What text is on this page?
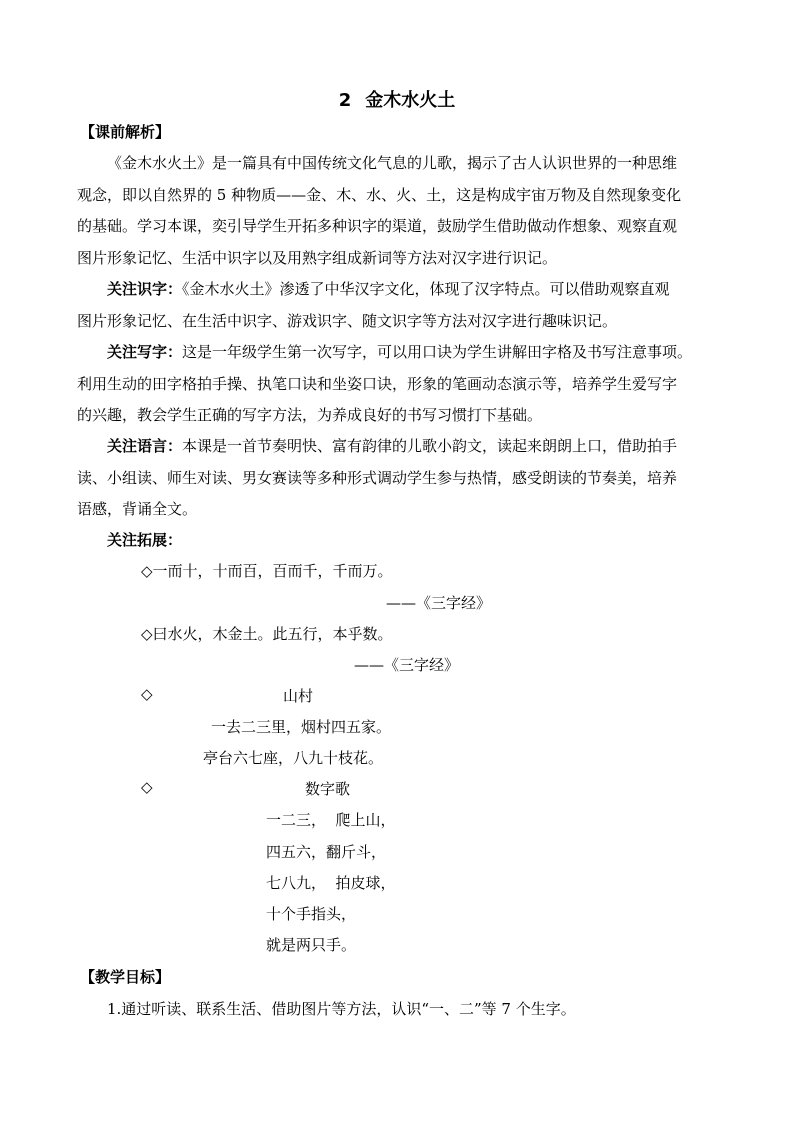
2 金木水火土
【课前解析】
《金木水火土》是一篇具有中国传统文化气息的儿歌，揭示了古人认识世界的一种思维
观念，即以自然界的 5 种物质——金、木、水、火、土，这是构成宇宙万物及自然现象变化
的基础。学习本课，奕引导学生开拓多种识字的渠道，鼓励学生借助做动作想象、观察直观
图片形象记忆、生活中识字以及用熟字组成新词等方法对汉字进行识记。
关注识字：《金木水火土》渗透了中华汉字文化，体现了汉字特点。可以借助观察直观
图片形象记忆、在生活中识字、游戏识字、随文识字等方法对汉字进行趣味识记。
关注写字：这是一年级学生第一次写字，可以用口诀为学生讲解田字格及书写注意事项。
利用生动的田字格拍手操、执笔口诀和坐姿口诀，形象的笔画动态演示等，培养学生爱写字
的兴趣，教会学生正确的写字方法，为养成良好的书写习惯打下基础。
关注语言：本课是一首节奏明快、富有韵律的儿歌小韵文，读起来朗朗上口，借助拍手
读、小组读、师生对读、男女赛读等多种形式调动学生参与热情，感受朗读的节奏美，培养
语感，背诵全文。
关注拓展：
◇一而十，十而百，百而千，千而万。
——《三字经》
◇曰水火，木金土。此五行，本乎数。
——《三字经》
◇	山村
一去二三里，烟村四五家。
亭台六七座，八九十枝花。
◇	数字歌
一二三，  爬上山，
四五六，翻斤斗，
七八九，  拍皮球，
十个手指头，
就是两只手。
【教学目标】
1.通过听读、联系生活、借助图片等方法，认识“一、二”等 7 个生字。
